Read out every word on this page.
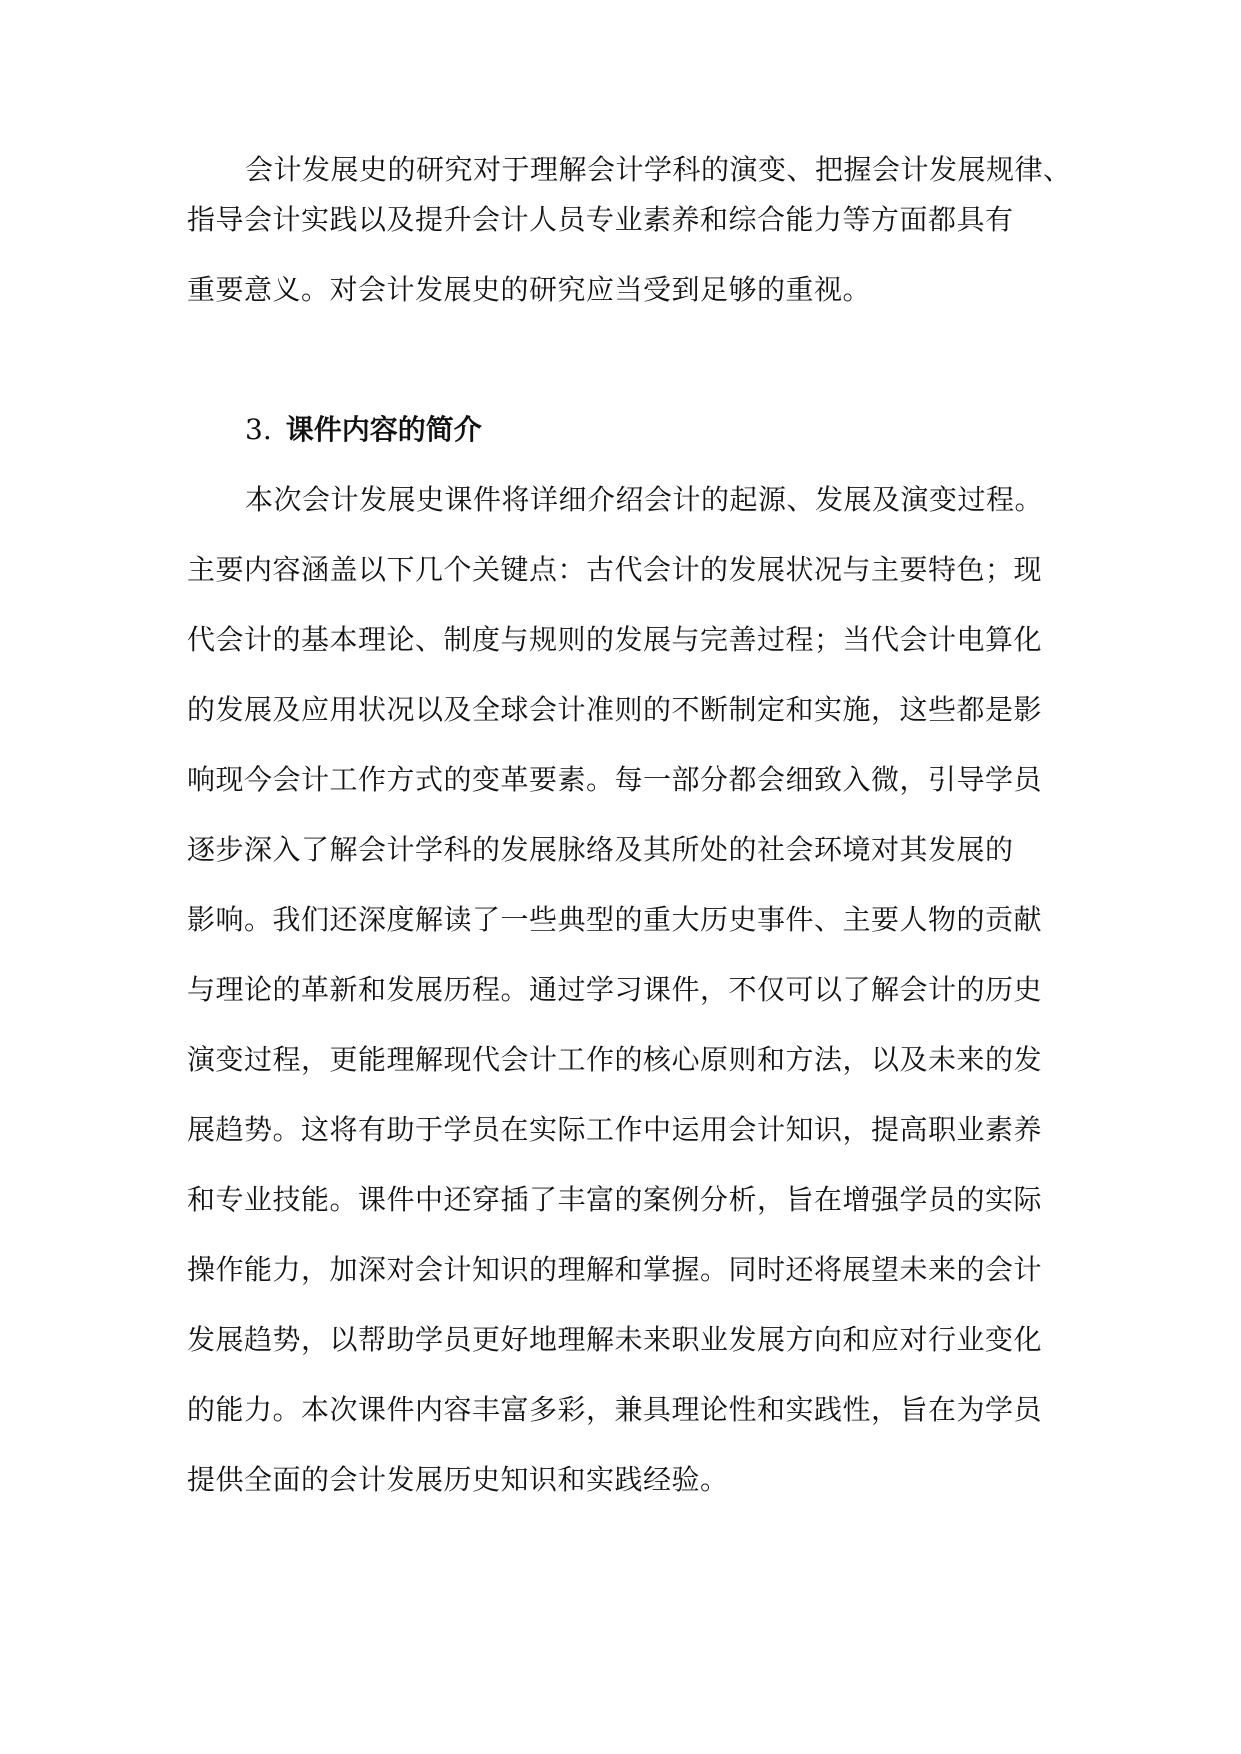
会计发展史的研究对于理解会计学科的演变、把握会计发展规律、
指导会计实践以及提升会计人员专业素养和综合能力等方面都具有
重要意义。对会计发展史的研究应当受到足够的重视。
3. 课件内容的简介
本次会计发展史课件将详细介绍会计的起源、发展及演变过程。
主要内容涵盖以下几个关键点：古代会计的发展状况与主要特色；现
代会计的基本理论、制度与规则的发展与完善过程；当代会计电算化
的发展及应用状况以及全球会计准则的不断制定和实施，这些都是影
响现今会计工作方式的变革要素。每一部分都会细致入微，引导学员
逐步深入了解会计学科的发展脉络及其所处的社会环境对其发展的
影响。我们还深度解读了一些典型的重大历史事件、主要人物的贡献
与理论的革新和发展历程。通过学习课件，不仅可以了解会计的历史
演变过程，更能理解现代会计工作的核心原则和方法，以及未来的发
展趋势。这将有助于学员在实际工作中运用会计知识，提高职业素养
和专业技能。课件中还穿插了丰富的案例分析，旨在增强学员的实际
操作能力，加深对会计知识的理解和掌握。同时还将展望未来的会计
发展趋势，以帮助学员更好地理解未来职业发展方向和应对行业变化
的能力。本次课件内容丰富多彩，兼具理论性和实践性，旨在为学员
提供全面的会计发展历史知识和实践经验。
